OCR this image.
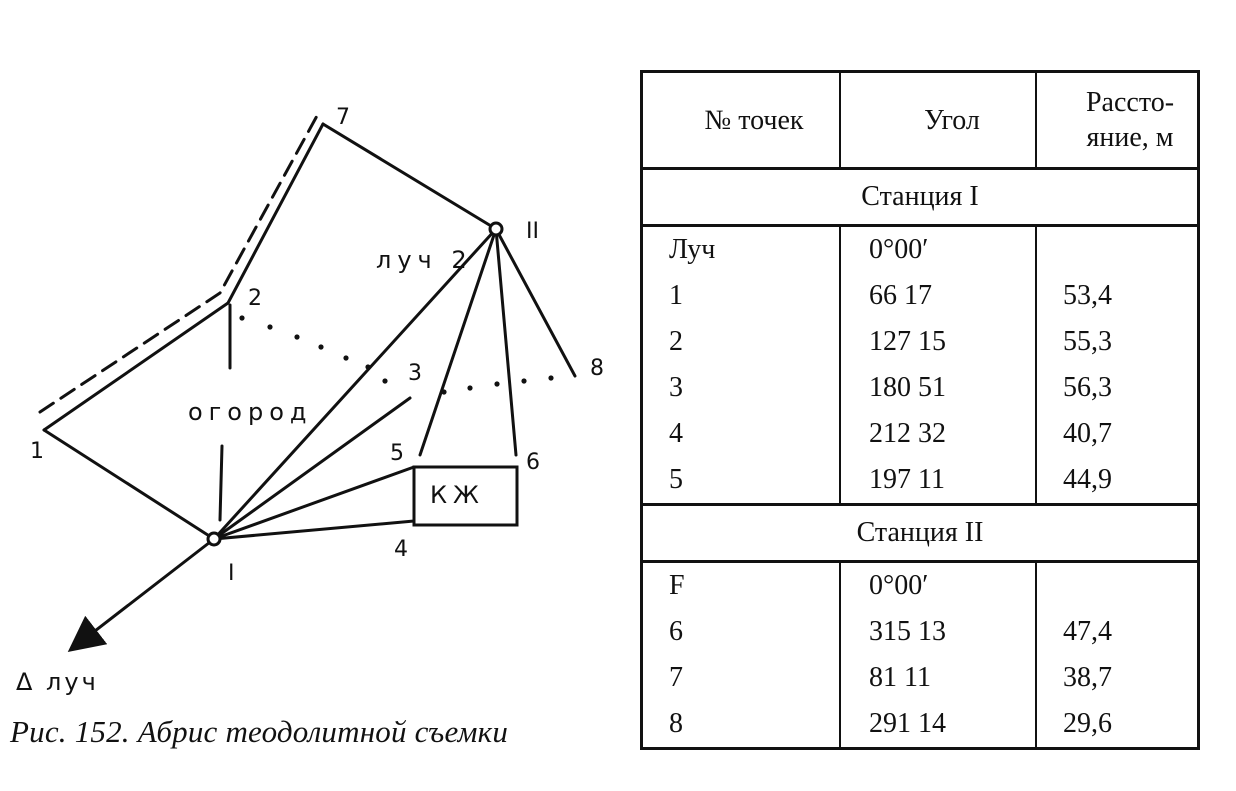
1
2
3
4
5	6
7
8
I
II
луч 2
огород
КЖ
Δ луч
Рис. 152. Абрис теодолитной съемки
№ точек	Угол	Рассто-
яние, м
Станция I		
Луч	0°00′	
1	66 17	53,4
2	127 15	55,3
3	180 51	56,3
4	212 32	40,7
5	197 11	44,9
Станция II		
F	0°00′	
6	315 13	47,4
7	81 11	38,7
8	291 14	29,6
